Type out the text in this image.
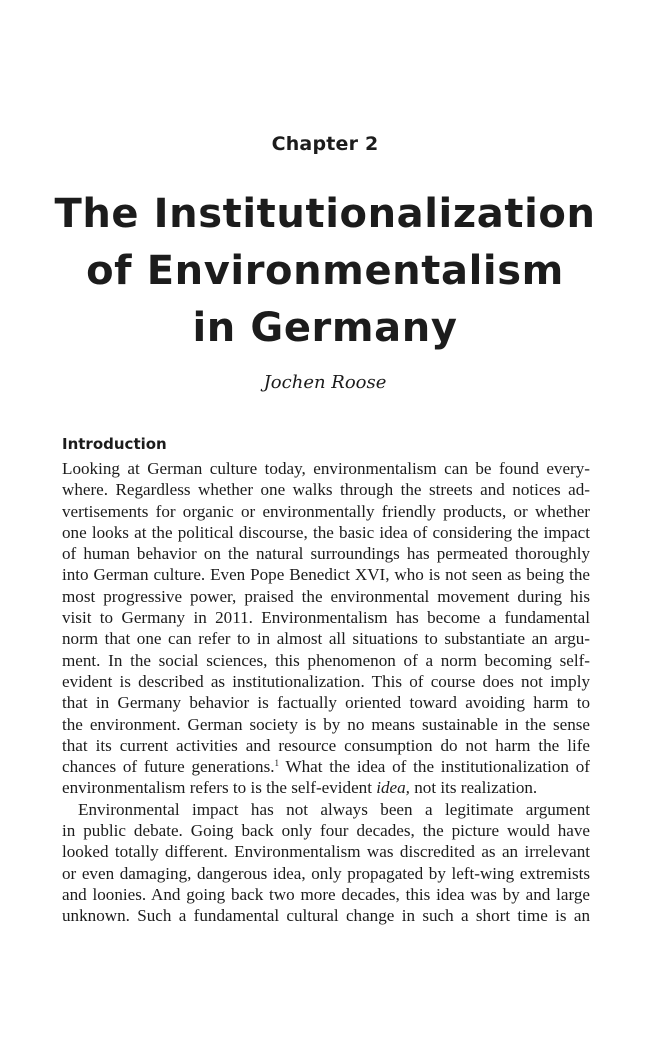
Chapter 2
The Institutionalization
of Environmentalism
in Germany
Jochen Roose
Introduction
Looking at German culture today, environmentalism can be found every-
where. Regardless whether one walks through the streets and notices ad-
vertisements for organic or environmentally friendly products, or whether
one looks at the political discourse, the basic idea of considering the impact
of human behavior on the natural surroundings has permeated thoroughly
into German culture. Even Pope Benedict XVI, who is not seen as being the
most progressive power, praised the environmental movement during his
visit to Germany in 2011. Environmentalism has become a fundamental
norm that one can refer to in almost all situations to substantiate an argu-
ment. In the social sciences, this phenomenon of a norm becoming self-
evident is described as institutionalization. This of course does not imply
that in Germany behavior is factually oriented toward avoiding harm to
the environment. German society is by no means sustainable in the sense
that its current activities and resource consumption do not harm the life
chances of future generations.$^1$ What the idea of the institutionalization of
environmentalism refers to is the self-evident idea, not its realization.
Environmental impact has not always been a legitimate argument
in public debate. Going back only four decades, the picture would have
looked totally different. Environmentalism was discredited as an irrelevant
or even damaging, dangerous idea, only propagated by left-wing extremists
and loonies. And going back two more decades, this idea was by and large
unknown. Such a fundamental cultural change in such a short time is an
